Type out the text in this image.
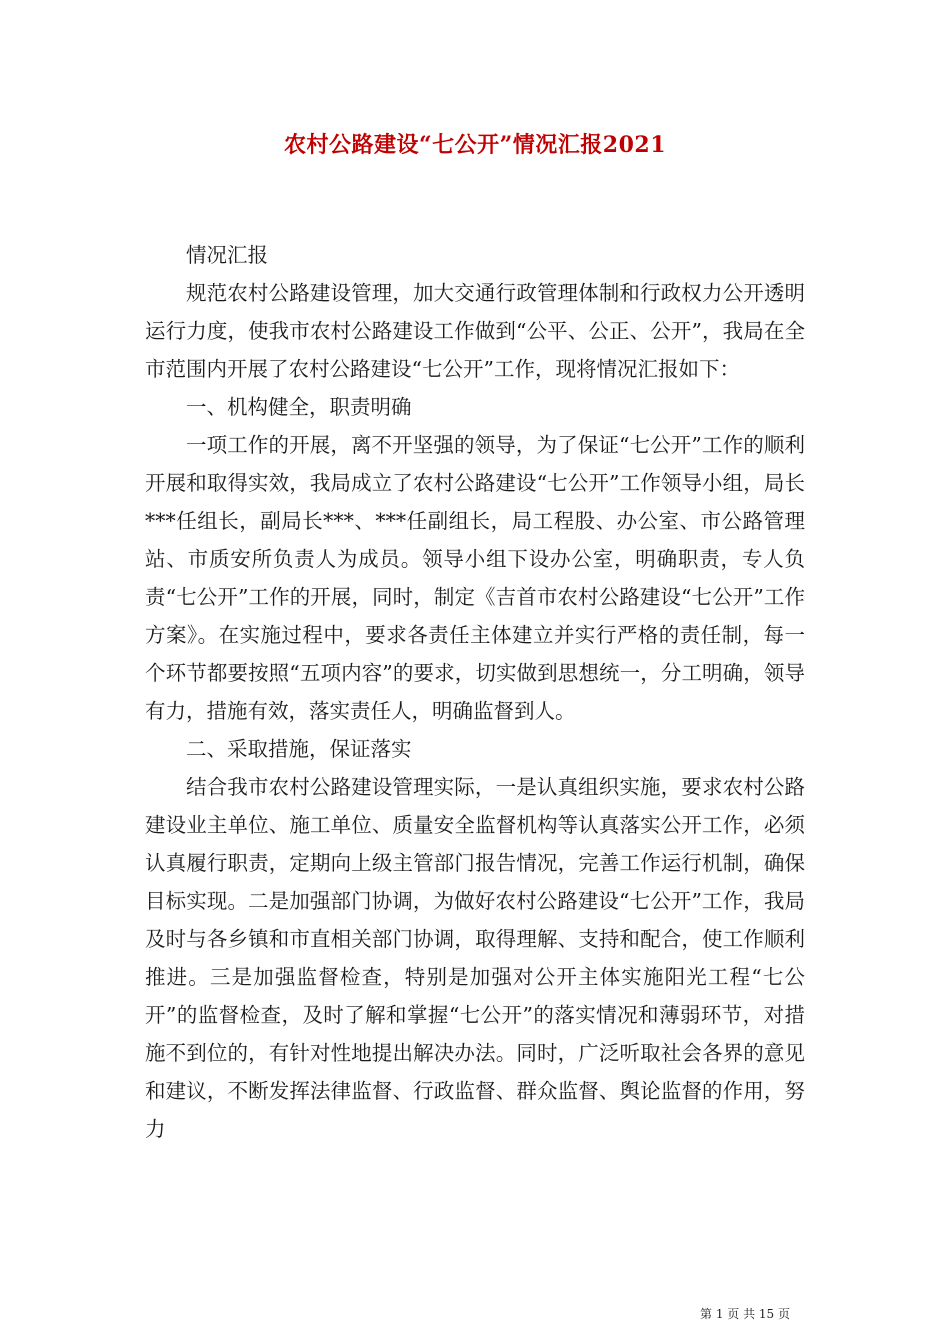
农村公路建设“七公开”情况汇报2021

情况汇报

规范农村公路建设管理，加大交通行政管理体制和行政权力公开透明运行力度，使我市农村公路建设工作做到“公平、公正、公开”，我局在全市范围内开展了农村公路建设“七公开”工作，现将情况汇报如下：

一、机构健全，职责明确

一项工作的开展，离不开坚强的领导，为了保证“七公开”工作的顺利开展和取得实效，我局成立了农村公路建设“七公开”工作领导小组，局长***任组长，副局长***、***任副组长，局工程股、办公室、市公路管理站、市质安所负责人为成员。领导小组下设办公室，明确职责，专人负责“七公开”工作的开展，同时，制定《吉首市农村公路建设“七公开”工作方案》。在实施过程中，要求各责任主体建立并实行严格的责任制，每一个环节都要按照“五项内容”的要求，切实做到思想统一，分工明确，领导有力，措施有效，落实责任人，明确监督到人。

二、采取措施，保证落实

结合我市农村公路建设管理实际，一是认真组织实施，要求农村公路建设业主单位、施工单位、质量安全监督机构等认真落实公开工作，必须认真履行职责，定期向上级主管部门报告情况，完善工作运行机制，确保目标实现。二是加强部门协调，为做好农村公路建设“七公开”工作，我局及时与各乡镇和市直相关部门协调，取得理解、支持和配合，使工作顺利推进。三是加强监督检查，特别是加强对公开主体实施阳光工程“七公开”的监督检查，及时了解和掌握“七公开”的落实情况和薄弱环节，对措施不到位的，有针对性地提出解决办法。同时，广泛听取社会各界的意见和建议，不断发挥法律监督、行政监督、群众监督、舆论监督的作用，努力

第 1 页 共 15 页
